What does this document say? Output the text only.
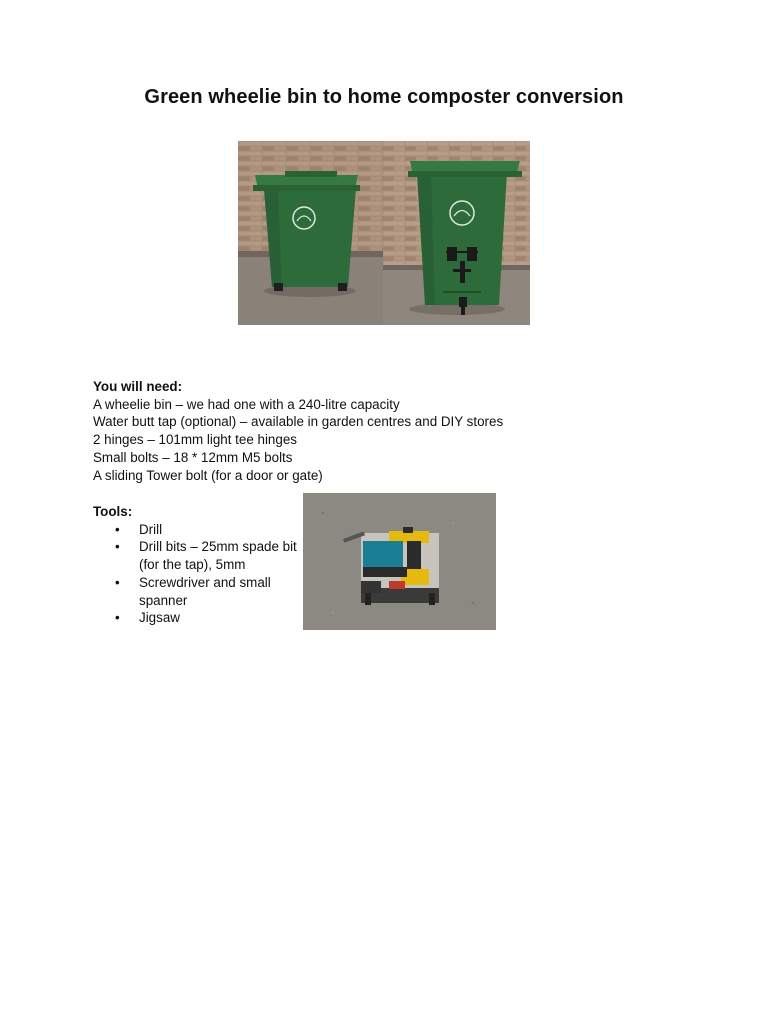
Green wheelie bin to home composter conversion
You will need:
A wheelie bin – we had one with a 240-litre capacity
Water butt tap (optional) – available in garden centres and DIY stores
2 hinges – 101mm light tee hinges
Small bolts – 18 * 12mm M5 bolts
A sliding Tower bolt (for a door or gate)
Tools:
• Drill
• Drill bits – 25mm spade bit (for the tap), 5mm
• Screwdriver and small spanner
• Jigsaw
